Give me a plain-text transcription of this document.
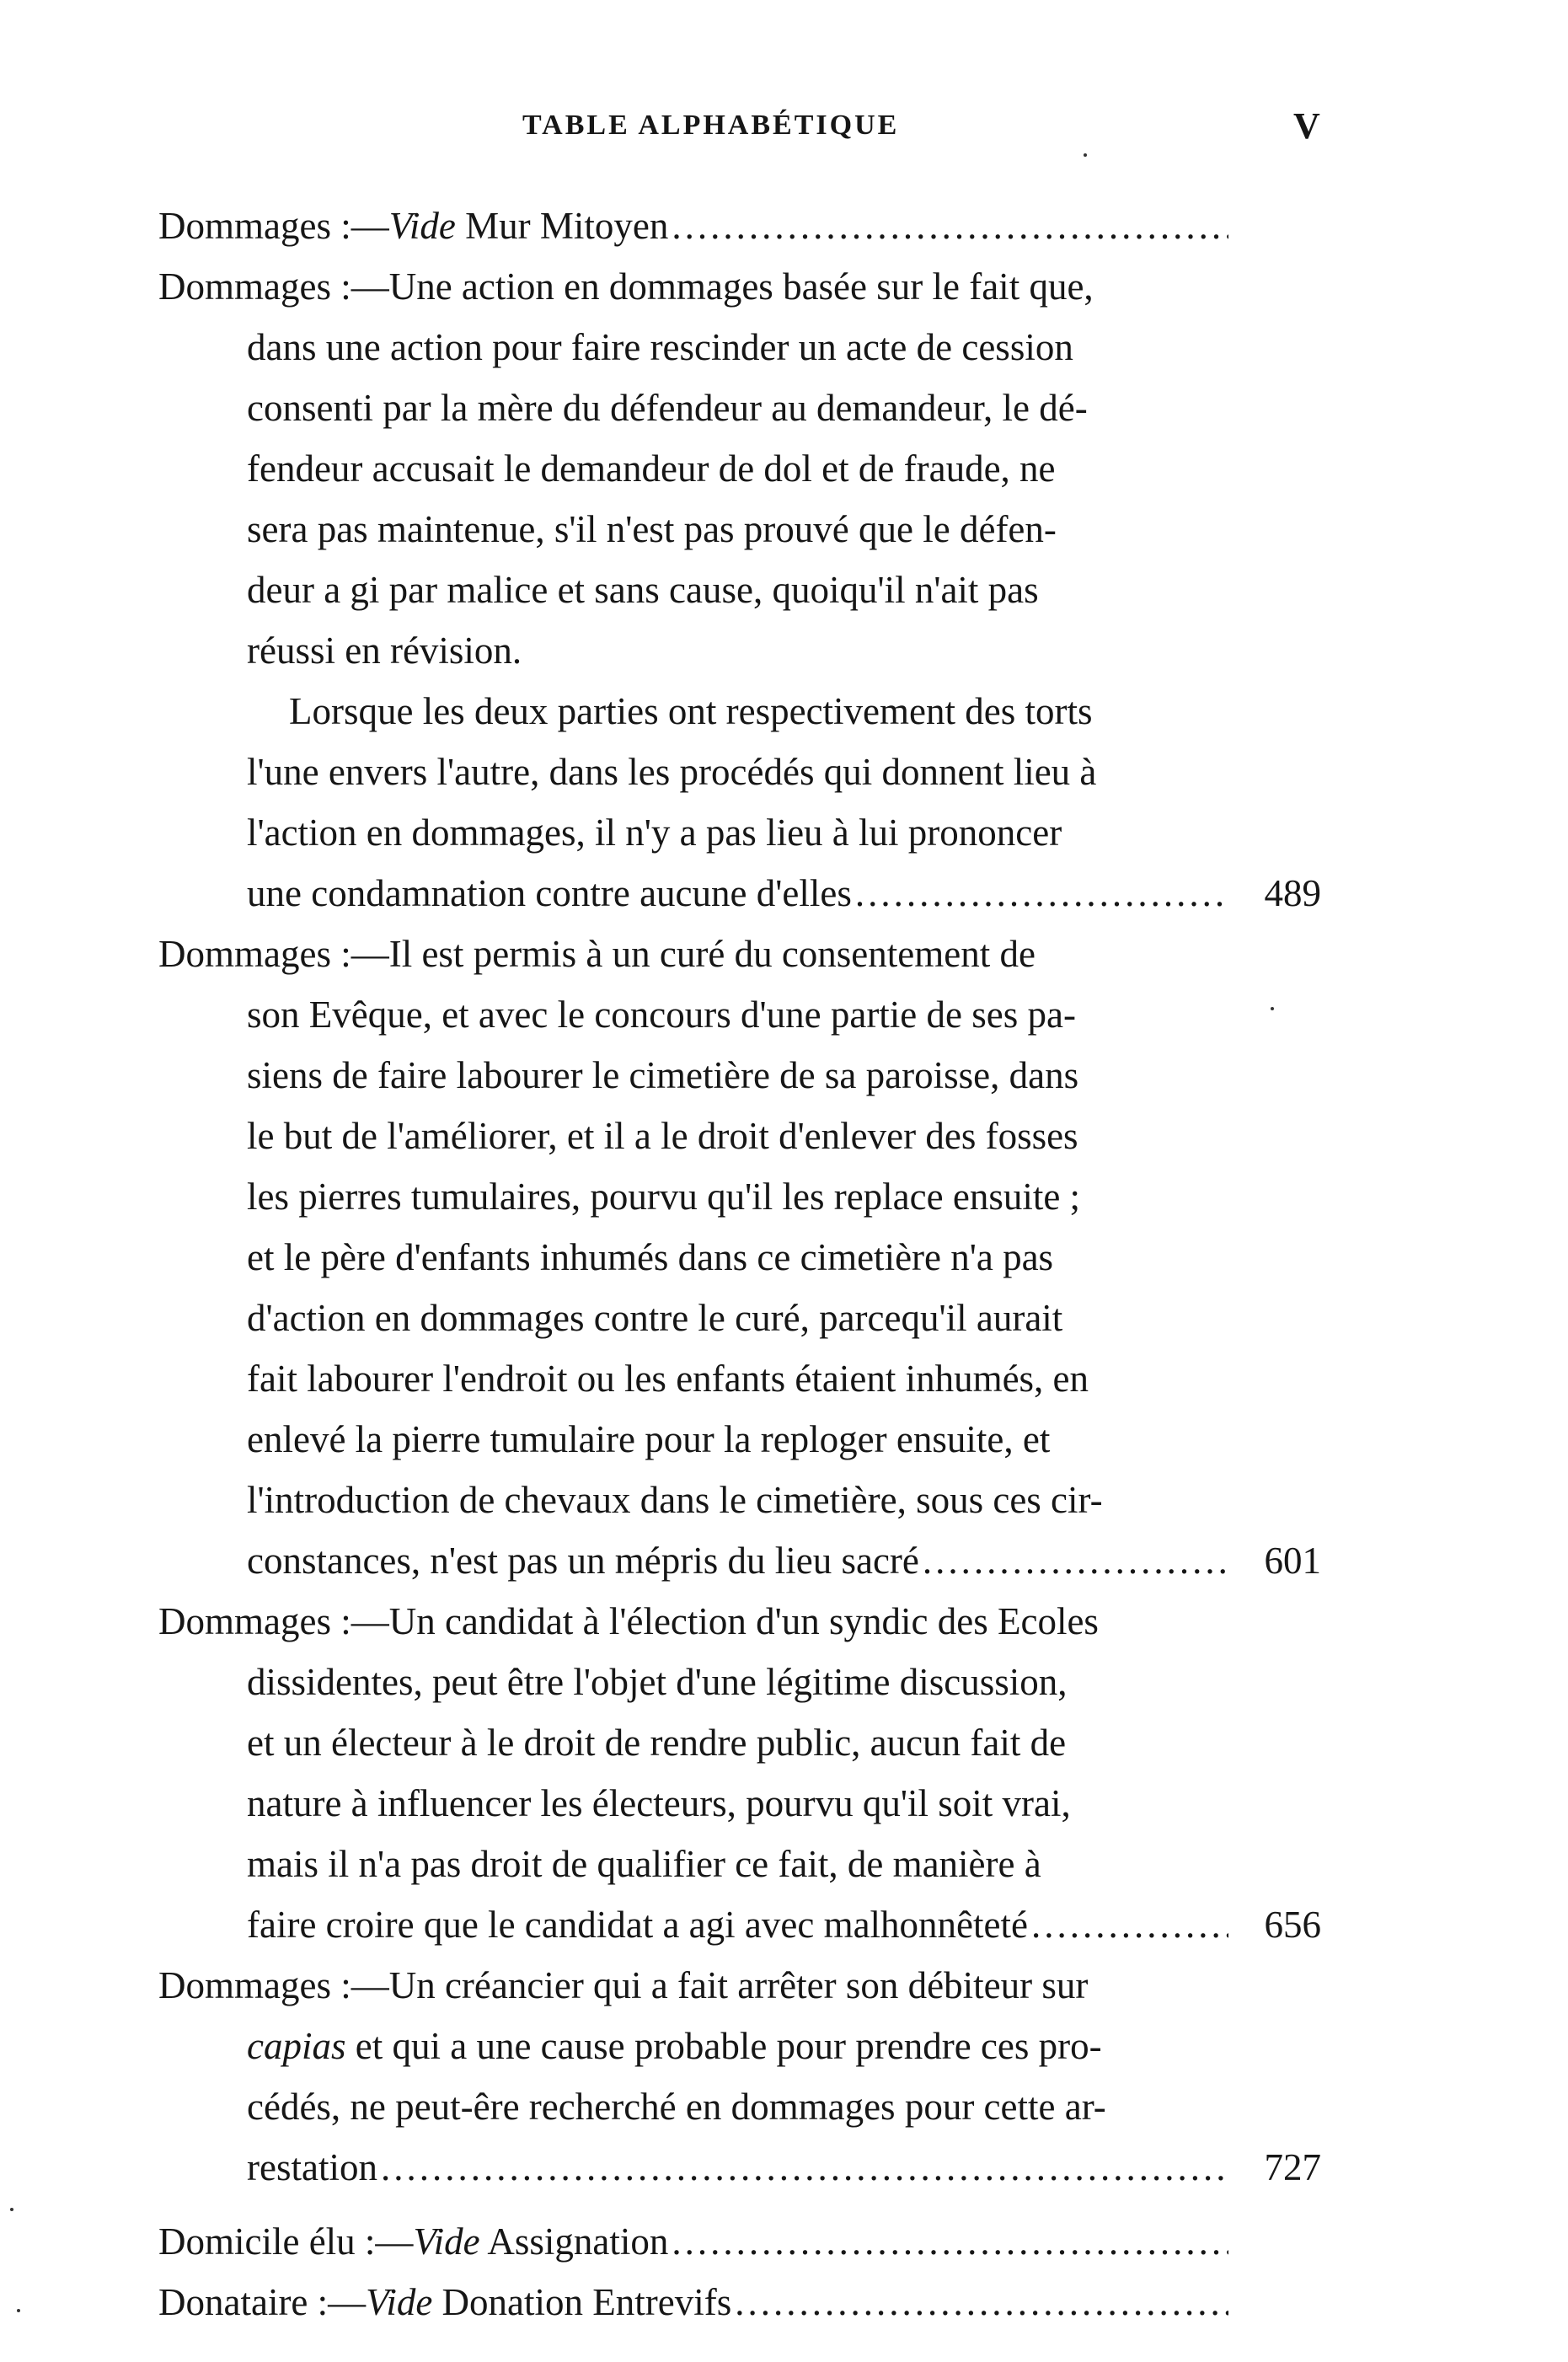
TABLE ALPHABÉTIQUE	V
Dommages :—Vide Mur Mitoyen
.....
Dommages :—Une action en dommages basée sur le fait que,
dans une action pour faire rescinder un acte de cession
consenti par la mère du défendeur au demandeur, le dé-
fendeur accusait le demandeur de dol et de fraude, ne
sera pas maintenue, s'il n'est pas prouvé que le défen-
deur a gi par malice et sans cause, quoiqu'il n'ait pas
réussi en révision.
Lorsque les deux parties ont respectivement des torts
l'une envers l'autre, dans les procédés qui donnent lieu à
l'action en dommages, il n'y a pas lieu à lui prononcer
une condamnation contre aucune d'elles .....	489
Dommages :—Il est permis à un curé du consentement de
son Evêque, et avec le concours d'une partie de ses pa-
siens de faire labourer le cimetière de sa paroisse, dans
le but de l'améliorer, et il a le droit d'enlever des fosses
les pierres tumulaires, pourvu qu'il les replace ensuite ;
et le père d'enfants inhumés dans ce cimetière n'a pas
d'action en dommages contre le curé, parcequ'il aurait
fait labourer l'endroit ou les enfants étaient inhumés, en
enlevé la pierre tumulaire pour la reploger ensuite, et
l'introduction de chevaux dans le cimetière, sous ces cir-
constances, n'est pas un mépris du lieu sacré .....	601
Dommages :—Un candidat à l'élection d'un syndic des Ecoles
dissidentes, peut être l'objet d'une légitime discussion,
et un électeur à le droit de rendre public, aucun fait de
nature à influencer les électeurs, pourvu qu'il soit vrai,
mais il n'a pas droit de qualifier ce fait, de manière à
faire croire que le candidat a agi avec malhonnêteté .....	656
Dommages :—Un créancier qui a fait arrêter son débiteur sur
capias et qui a une cause probable pour prendre ces pro-
cédés, ne peut-êre recherché en dommages pour cette ar-
restation .....	727
Domicile élu :—Vide Assignation
.....
Donataire :—Vide Donation Entrevifs
.....
